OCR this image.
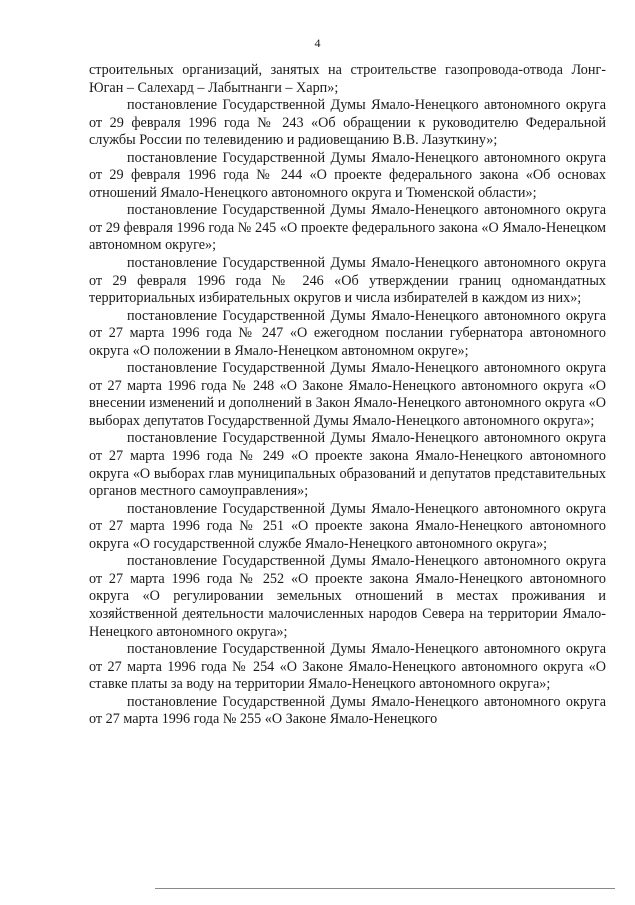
4

строительных организаций, занятых на строительстве газопровода-отвода Лонг-Юган – Салехард – Лабытнанги – Харп»;

постановление Государственной Думы Ямало-Ненецкого автономного округа от 29 февраля 1996 года № 243 «Об обращении к руководителю Федеральной службы России по телевидению и радиовещанию В.В. Лазуткину»;

постановление Государственной Думы Ямало-Ненецкого автономного округа от 29 февраля 1996 года № 244 «О проекте федерального закона «Об основах отношений Ямало-Ненецкого автономного округа и Тюменской области»;

постановление Государственной Думы Ямало-Ненецкого автономного округа от 29 февраля 1996 года № 245 «О проекте федерального закона «О Ямало-Ненецком автономном округе»;

постановление Государственной Думы Ямало-Ненецкого автономного округа от 29 февраля 1996 года № 246 «Об утверждении границ одномандатных территориальных избирательных округов и числа избирателей в каждом из них»;

постановление Государственной Думы Ямало-Ненецкого автономного округа от 27 марта 1996 года № 247 «О ежегодном послании губернатора автономного округа «О положении в Ямало-Ненецком автономном округе»;

постановление Государственной Думы Ямало-Ненецкого автономного округа от 27 марта 1996 года № 248 «О Законе Ямало-Ненецкого автономного округа «О внесении изменений и дополнений в Закон Ямало-Ненецкого автономного округа «О выборах депутатов Государственной Думы Ямало-Ненецкого автономного округа»;

постановление Государственной Думы Ямало-Ненецкого автономного округа от 27 марта 1996 года № 249 «О проекте закона Ямало-Ненецкого автономного округа «О выборах глав муниципальных образований и депутатов представительных органов местного самоуправления»;

постановление Государственной Думы Ямало-Ненецкого автономного округа от 27 марта 1996 года № 251 «О проекте закона Ямало-Ненецкого автономного округа «О государственной службе Ямало-Ненецкого автономного округа»;

постановление Государственной Думы Ямало-Ненецкого автономного округа от 27 марта 1996 года № 252 «О проекте закона Ямало-Ненецкого автономного округа «О регулировании земельных отношений в местах проживания и хозяйственной деятельности малочисленных народов Севера на территории Ямало-Ненецкого автономного округа»;

постановление Государственной Думы Ямало-Ненецкого автономного округа от 27 марта 1996 года № 254 «О Законе Ямало-Ненецкого автономного округа «О ставке платы за воду на территории Ямало-Ненецкого автономного округа»;

постановление Государственной Думы Ямало-Ненецкого автономного округа от 27 марта 1996 года № 255 «О Законе Ямало-Ненецкого
